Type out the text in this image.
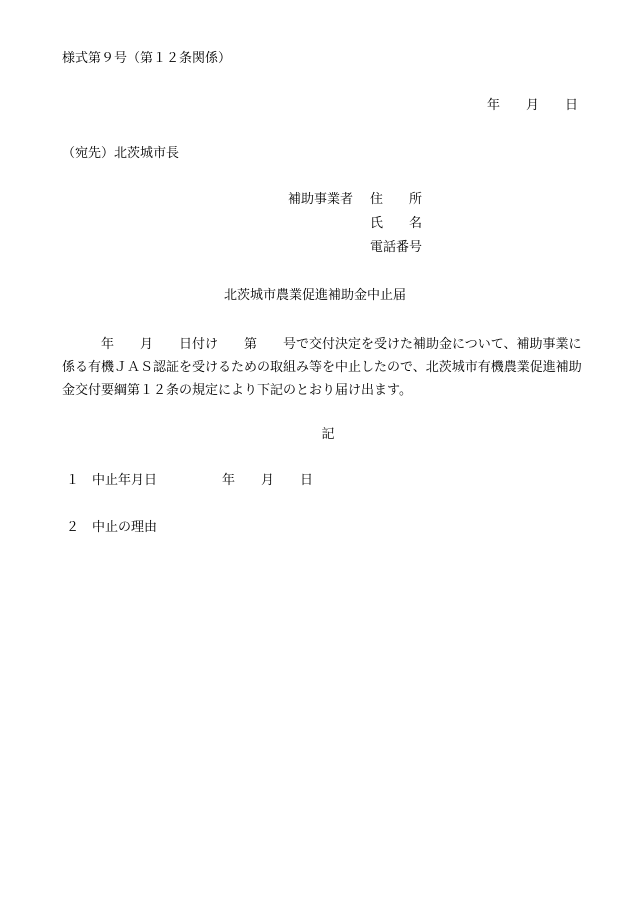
様式第９号（第１２条関係）
年　　月　　日
（宛先）北茨城市長
補助事業者 住　　所
氏　　名
電話番号
北茨城市農業促進補助金中止届
　　　年　　月　　日付け　　第　　号で交付決定を受けた補助金について、補助事業に
係る有機ＪＡＳ認証を受けるための取組み等を中止したので、北茨城市有機農業促進補助
金交付要綱第１２条の規定により下記のとおり届け出ます。
記
１　中止年月日	年　　月　　日
２　中止の理由
